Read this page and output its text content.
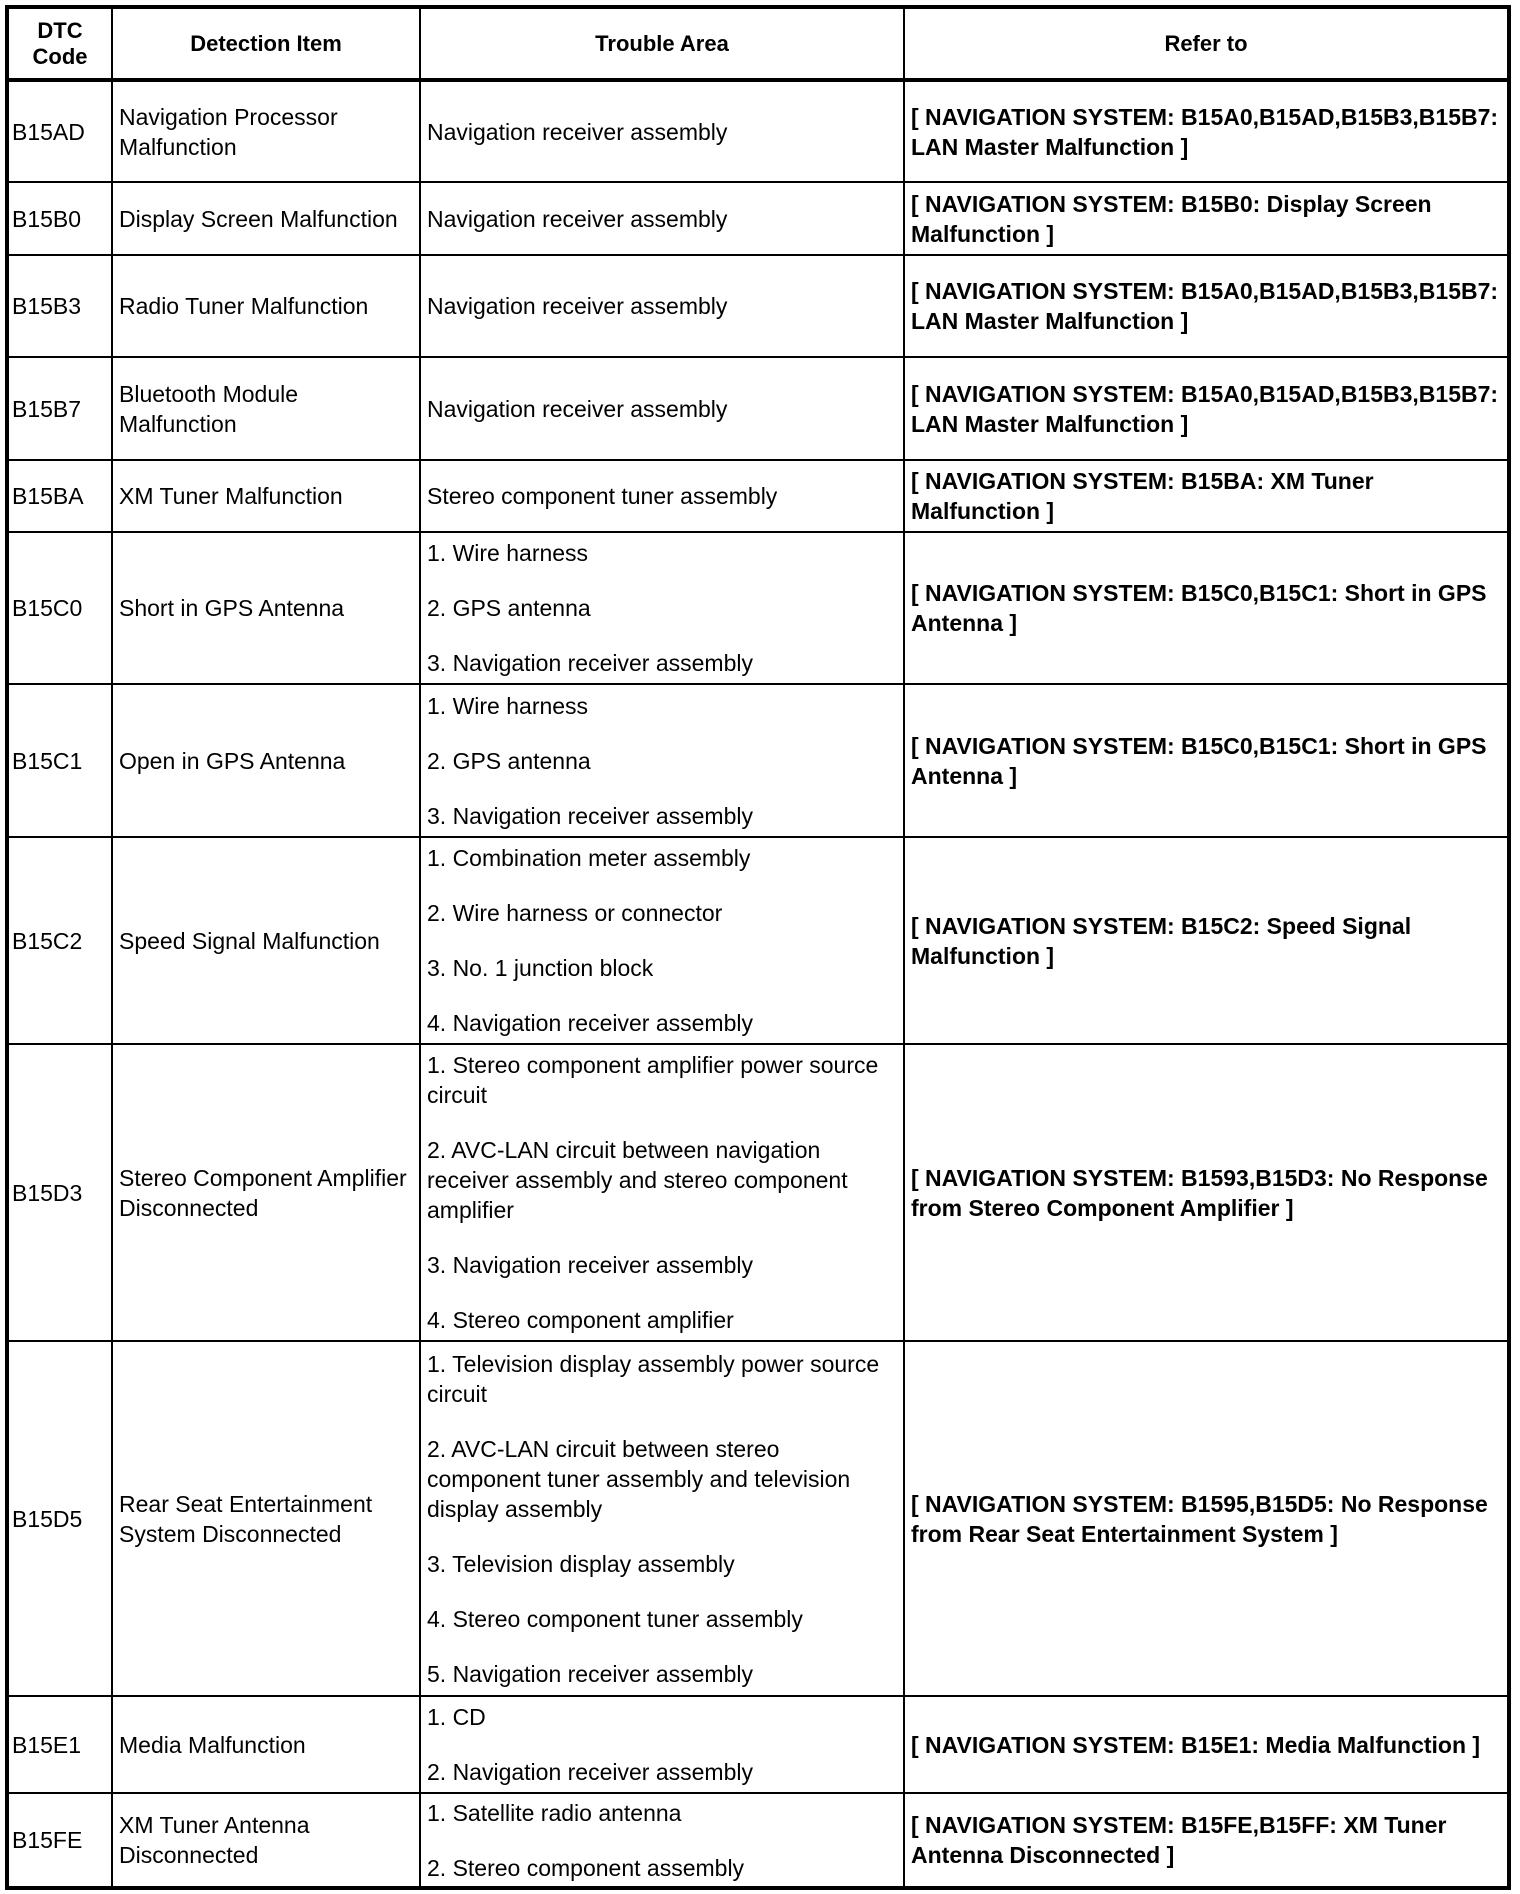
DTC
Code	Detection Item	Trouble Area	Refer to
B15AD	Navigation Processor Malfunction	Navigation receiver assembly	[ NAVIGATION SYSTEM: B15A0,B15AD,B15B3,B15B7: LAN Master Malfunction ]
B15B0	Display Screen Malfunction	Navigation receiver assembly	[ NAVIGATION SYSTEM: B15B0: Display Screen Malfunction ]
B15B3	Radio Tuner Malfunction	Navigation receiver assembly	[ NAVIGATION SYSTEM: B15A0,B15AD,B15B3,B15B7: LAN Master Malfunction ]
B15B7	Bluetooth Module Malfunction	Navigation receiver assembly	[ NAVIGATION SYSTEM: B15A0,B15AD,B15B3,B15B7: LAN Master Malfunction ]
B15BA	XM Tuner Malfunction	Stereo component tuner assembly	[ NAVIGATION SYSTEM: B15BA: XM Tuner Malfunction ]
B15C0	Short in GPS Antenna	1. Wire harness
2. GPS antenna
3. Navigation receiver assembly	[ NAVIGATION SYSTEM: B15C0,B15C1: Short in GPS Antenna ]
B15C1	Open in GPS Antenna	1. Wire harness
2. GPS antenna
3. Navigation receiver assembly	[ NAVIGATION SYSTEM: B15C0,B15C1: Short in GPS Antenna ]
B15C2	Speed Signal Malfunction	1. Combination meter assembly
2. Wire harness or connector
3. No. 1 junction block
4. Navigation receiver assembly	[ NAVIGATION SYSTEM: B15C2: Speed Signal Malfunction ]
B15D3	Stereo Component Amplifier Disconnected	1. Stereo component amplifier power source circuit
2. AVC-LAN circuit between navigation receiver assembly and stereo component amplifier
3. Navigation receiver assembly
4. Stereo component amplifier	[ NAVIGATION SYSTEM: B1593,B15D3: No Response from Stereo Component Amplifier ]
B15D5	Rear Seat Entertainment System Disconnected	1. Television display assembly power source circuit
2. AVC-LAN circuit between stereo component tuner assembly and television display assembly
3. Television display assembly
4. Stereo component tuner assembly
5. Navigation receiver assembly	[ NAVIGATION SYSTEM: B1595,B15D5: No Response from Rear Seat Entertainment System ]
B15E1	Media Malfunction	1. CD
2. Navigation receiver assembly	[ NAVIGATION SYSTEM: B15E1: Media Malfunction ]
B15FE	XM Tuner Antenna Disconnected	1. Satellite radio antenna
2. Stereo component assembly	[ NAVIGATION SYSTEM: B15FE,B15FF: XM Tuner Antenna Disconnected ]
